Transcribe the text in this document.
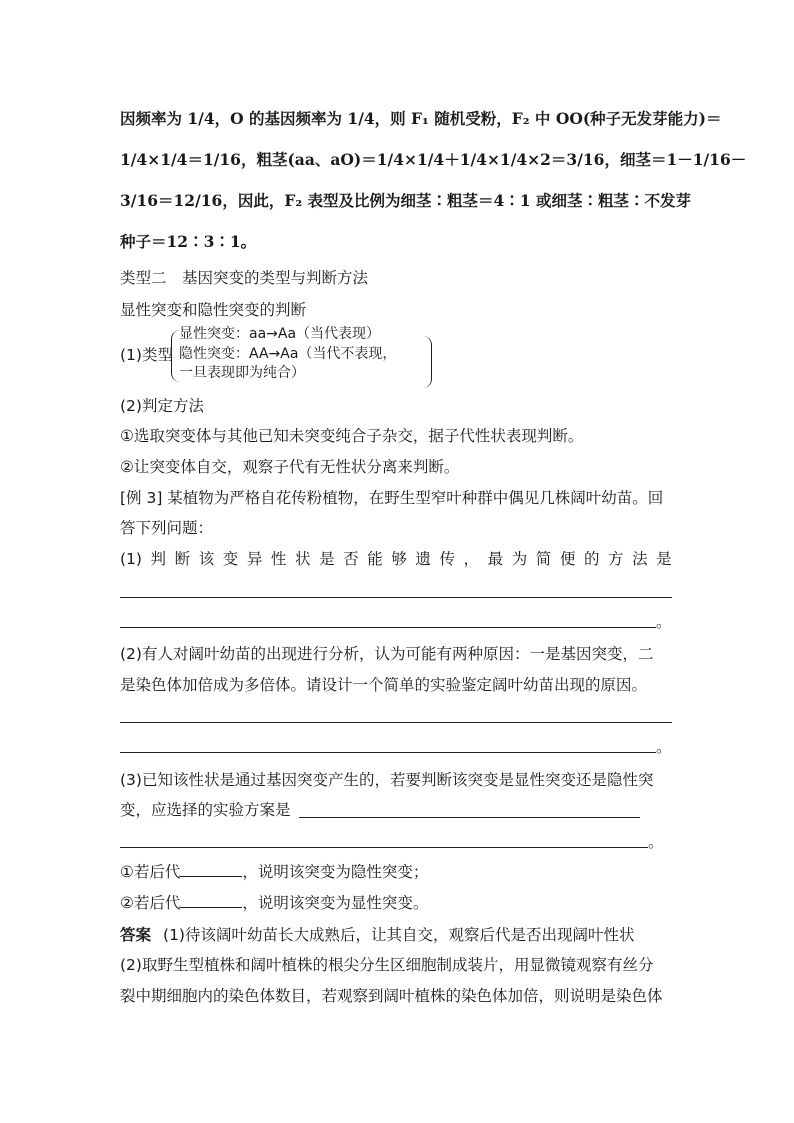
因频率为 1/4，O 的基因频率为 1/4，则 F₁ 随机受粉，F₂ 中 OO(种子无发芽能力)＝
1/4×1/4＝1/16，粗茎(aa、aO)＝1/4×1/4＋1/4×1/4×2＝3/16，细茎＝1－1/16－
3/16＝12/16，因此，F₂ 表型及比例为细茎∶粗茎＝4∶1 或细茎∶粗茎∶不发芽
种子＝12∶3∶1。
类型二　基因突变的类型与判断方法
显性突变和隐性突变的判断
(1)类型
显性突变：aa→Aa（当代表现）
隐性突变：AA→Aa（当代不表现，
一旦表现即为纯合）
(2)判定方法
①选取突变体与其他已知未突变纯合子杂交，据子代性状表现判断。
②让突变体自交，观察子代有无性状分离来判断。
[例 3] 某植物为严格自花传粉植物，在野生型窄叶种群中偶见几株阔叶幼苗。回
答下列问题：
(1) 判 断 该 变 异 性 状 是 否 能 够 遗 传 ， 最 为 简 便 的 方 法 是
。
(2)有人对阔叶幼苗的出现进行分析，认为可能有两种原因：一是基因突变，二
是染色体加倍成为多倍体。请设计一个简单的实验鉴定阔叶幼苗出现的原因。
。
(3)已知该性状是通过基因突变产生的，若要判断该突变是显性突变还是隐性突
变，应选择的实验方案是
。
①若后代	，说明该突变为隐性突变；
②若后代	，说明该突变为显性突变。
答案 (1)待该阔叶幼苗长大成熟后，让其自交，观察后代是否出现阔叶性状
(2)取野生型植株和阔叶植株的根尖分生区细胞制成装片，用显微镜观察有丝分
裂中期细胞内的染色体数目，若观察到阔叶植株的染色体加倍，则说明是染色体
